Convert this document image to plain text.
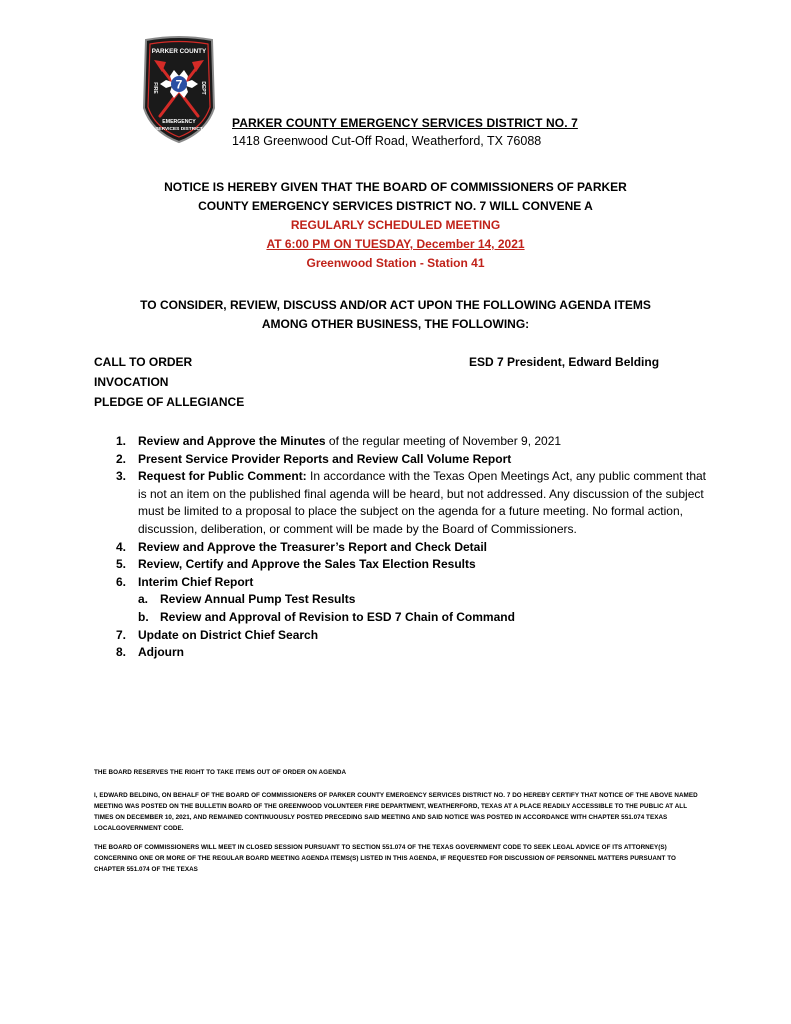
7
PARKER COUNTY
FIRE	DEPT
EMERGENCY
SERVICES DISTRICT PARKER COUNTY EMERGENCY SERVICES DISTRICT NO. 7
1418 Greenwood Cut-Off Road, Weatherford, TX 76088
NOTICE IS HEREBY GIVEN THAT THE BOARD OF COMMISSIONERS OF PARKER
COUNTY EMERGENCY SERVICES DISTRICT NO. 7 WILL CONVENE A
REGULARLY SCHEDULED MEETING
AT 6:00 PM ON TUESDAY, December 14, 2021
Greenwood Station - Station 41
TO CONSIDER, REVIEW, DISCUSS AND/OR ACT UPON THE FOLLOWING AGENDA ITEMS
AMONG OTHER BUSINESS, THE FOLLOWING:
CALL TO ORDER	ESD 7 President, Edward Belding
INVOCATION
PLEDGE OF ALLEGIANCE

1. Review and Approve the Minutes of the regular meeting of November 9, 2021

2. Present Service Provider Reports and Review Call Volume Report

3. Request for Public Comment: In accordance with the Texas Open Meetings Act, any public comment that is not an item on the published final agenda will be heard, but not addressed. Any discussion of the subject must be limited to a proposal to place the subject on the agenda for a future meeting. No formal action, discussion, deliberation, or comment will be made by the Board of Commissioners.

4. Review and Approve the Treasurer’s Report and Check Detail

5. Review, Certify and Approve the Sales Tax Election Results

6. Interim Chief Report

a. Review Annual Pump Test Results

b. Review and Approval of Revision to ESD 7 Chain of Command

7. Update on District Chief Search

8. Adjourn

THE BOARD RESERVES THE RIGHT TO TAKE ITEMS OUT OF ORDER ON AGENDA
I, EDWARD BELDING, ON BEHALF OF THE BOARD OF COMMISSIONERS OF PARKER COUNTY EMERGENCY SERVICES DISTRICT NO. 7 DO HEREBY CERTIFY THAT NOTICE OF THE ABOVE NAMED MEETING WAS POSTED ON THE BULLETIN BOARD OF THE GREENWOOD VOLUNTEER FIRE DEPARTMENT, WEATHERFORD, TEXAS AT A PLACE READILY ACCESSIBLE TO THE PUBLIC AT ALL TIMES ON DECEMBER 10, 2021, AND REMAINED CONTINUOUSLY POSTED PRECEDING SAID MEETING AND SAID NOTICE WAS POSTED IN ACCORDANCE WITH CHAPTER 551.074 TEXAS LOCALGOVERNMENT CODE.
THE BOARD OF COMMISSIONERS WILL MEET IN CLOSED SESSION PURSUANT TO SECTION 551.074 OF THE TEXAS GOVERNMENT CODE TO SEEK LEGAL ADVICE OF ITS ATTORNEY(S) CONCERNING ONE OR MORE OF THE REGULAR BOARD MEETING AGENDA ITEMS(S) LISTED IN THIS AGENDA, IF REQUESTED FOR DISCUSSION OF PERSONNEL MATTERS PURSUANT TO CHAPTER 551.074 OF THE TEXAS
